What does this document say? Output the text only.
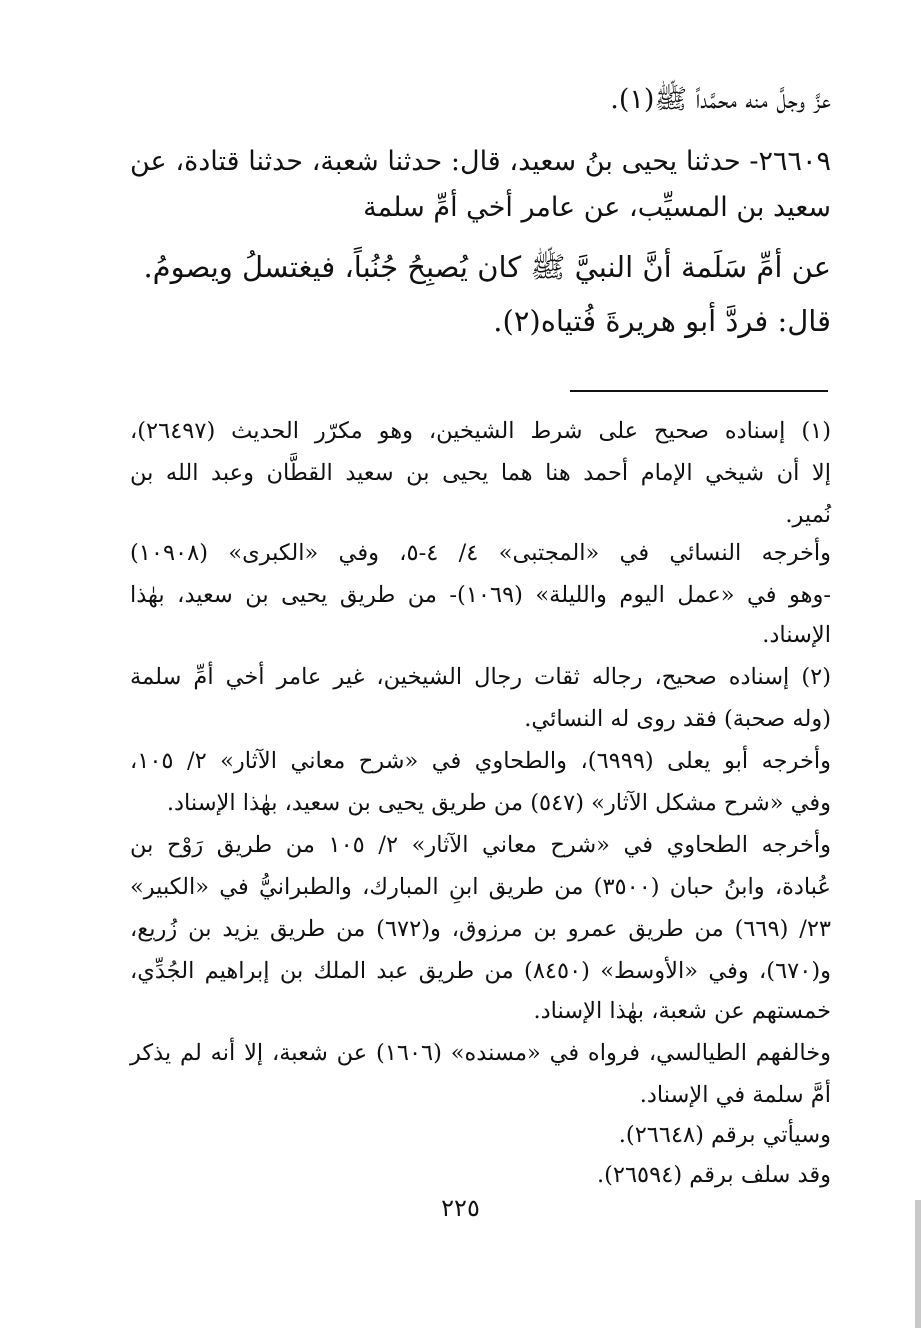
عزَّ وجلَّ منه محمَّداً ﷺ(١).
٢٦٦٠٩- حدثنا يحيى بنُ سعيد، قال: حدثنا شعبة، حدثنا قتادة، عن
سعيد بن المسيِّب، عن عامر أخي أمِّ سلمة
عن أمِّ سَلَمة أنَّ النبيَّ ﷺ كان يُصبِحُ جُنُباً، فيغتسلُ ويصومُ.
قال: فردَّ أبو هريرةَ فُتياه(٢).
(١) إسناده صحيح على شرط الشيخين، وهو مكرّر الحديث (٢٦٤٩٧)،
إلا أن شيخي الإمام أحمد هنا هما يحيى بن سعيد القطَّان وعبد الله بن
نُمير.
وأخرجه النسائي في «المجتبى» ٤/ ٤-٥، وفي «الكبرى» (١٠٩٠٨)
-وهو في «عمل اليوم والليلة» (١٠٦٩)- من طريق يحيى بن سعيد، بهٰذا
الإسناد.
(٢) إسناده صحيح، رجاله ثقات رجال الشيخين، غير عامر أخي أمِّ سلمة
(وله صحبة) فقد روى له النسائي.
وأخرجه أبو يعلى (٦٩٩٩)، والطحاوي في «شرح معاني الآثار» ٢/ ١٠٥،
وفي «شرح مشكل الآثار» (٥٤٧) من طريق يحيى بن سعيد، بهٰذا الإسناد.
وأخرجه الطحاوي في «شرح معاني الآثار» ٢/ ١٠٥ من طريق رَوْح بن
عُبادة، وابنُ حبان (٣٥٠٠) من طريق ابنِ المبارك، والطبرانيُّ في «الكبير»
٢٣/ (٦٦٩) من طريق عمرو بن مرزوق، و(٦٧٢) من طريق يزيد بن زُريع،
و(٦٧٠)، وفي «الأوسط» (٨٤٥٠) من طريق عبد الملك بن إبراهيم الجُدِّي،
خمستهم عن شعبة، بهٰذا الإسناد.
وخالفهم الطيالسي، فرواه في «مسنده» (١٦٠٦) عن شعبة، إلا أنه لم يذكر
أمَّ سلمة في الإسناد.
وسيأتي برقم (٢٦٦٤٨).
وقد سلف برقم (٢٦٥٩٤).
٢٢٥
